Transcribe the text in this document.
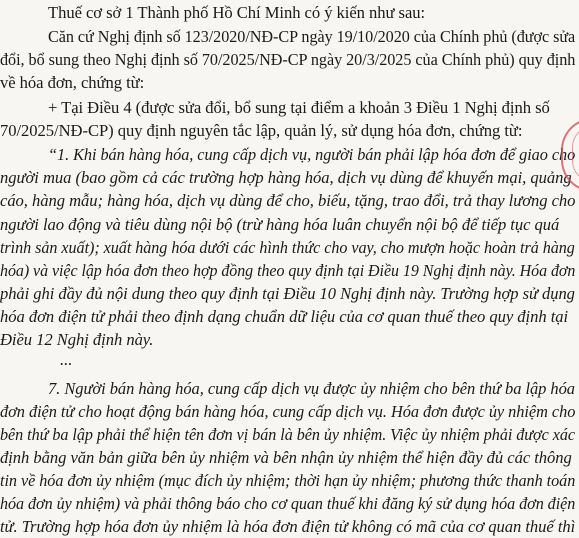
Thuế cơ sở 1 Thành phố Hồ Chí Minh có ý kiến như sau:
Căn cứ Nghị định số 123/2020/NĐ-CP ngày 19/10/2020 của Chính phủ (được sửa
đổi, bổ sung theo Nghị định số 70/2025/NĐ-CP ngày 20/3/2025 của Chính phủ) quy định
về hóa đơn, chứng từ:
+ Tại Điều 4 (được sửa đổi, bổ sung tại điểm a khoản 3 Điều 1 Nghị định số
70/2025/NĐ-CP) quy định nguyên tắc lập, quản lý, sử dụng hóa đơn, chứng từ:
“1. Khi bán hàng hóa, cung cấp dịch vụ, người bán phải lập hóa đơn để giao cho
người mua (bao gồm cả các trường hợp hàng hóa, dịch vụ dùng để khuyến mại, quảng
cáo, hàng mẫu; hàng hóa, dịch vụ dùng để cho, biếu, tặng, trao đổi, trả thay lương cho
người lao động và tiêu dùng nội bộ (trừ hàng hóa luân chuyển nội bộ để tiếp tục quá
trình sản xuất); xuất hàng hóa dưới các hình thức cho vay, cho mượn hoặc hoàn trả hàng
hóa) và việc lập hóa đơn theo hợp đồng theo quy định tại Điều 19 Nghị định này. Hóa đơn
phải ghi đầy đủ nội dung theo quy định tại Điều 10 Nghị định này. Trường hợp sử dụng
hóa đơn điện tử phải theo định dạng chuẩn dữ liệu của cơ quan thuế theo quy định tại
Điều 12 Nghị định này.
...
7. Người bán hàng hóa, cung cấp dịch vụ được ủy nhiệm cho bên thứ ba lập hóa
đơn điện tử cho hoạt động bán hàng hóa, cung cấp dịch vụ. Hóa đơn được ủy nhiệm cho
bên thứ ba lập phải thể hiện tên đơn vị bán là bên ủy nhiệm. Việc ủy nhiệm phải được xác
định bằng văn bản giữa bên ủy nhiệm và bên nhận ủy nhiệm thể hiện đầy đủ các thông
tin về hóa đơn ủy nhiệm (mục đích ủy nhiệm; thời hạn ủy nhiệm; phương thức thanh toán
hóa đơn ủy nhiệm) và phải thông báo cho cơ quan thuế khi đăng ký sử dụng hóa đơn điện
tử. Trường hợp hóa đơn ủy nhiệm là hóa đơn điện tử không có mã của cơ quan thuế thì
